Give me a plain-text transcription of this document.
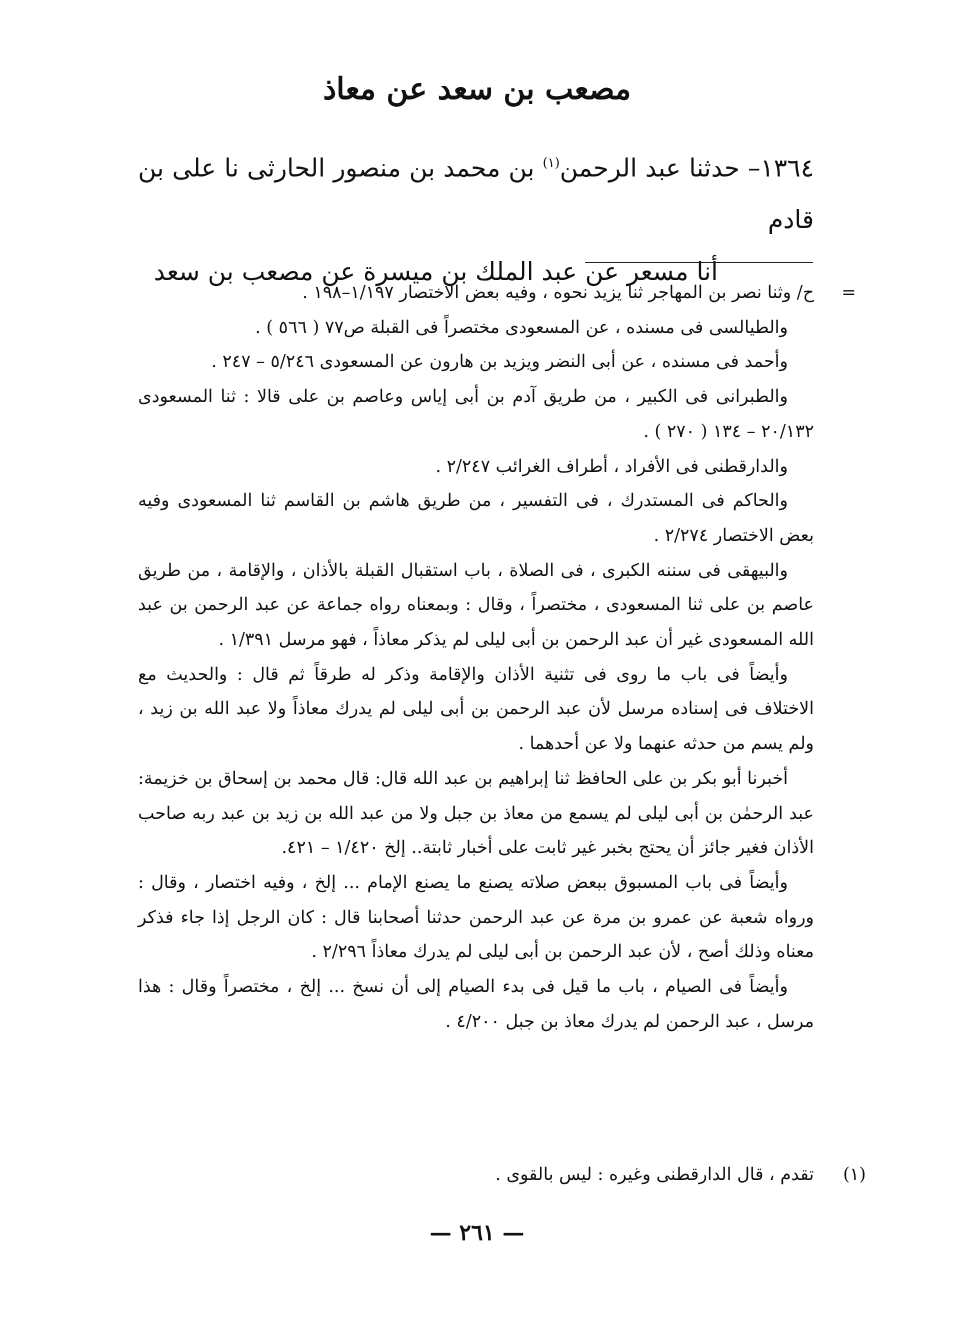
مصعب بن سعد عن معاذ

١٣٦٤– حدثنا عبد الرحمن$^{(١)}$ بن محمد بن منصور الحارثى نا على بن قادم

أنا مسعر عن عبد الملك بن ميسرة عن مصعب بن سعد

=
ح/ وثنا نصر بن المهاجر ثنا يزيد نحوه ، وفيه بعض الاختصار ١/١٩٧–١٩٨ .

والطيالسى فى مسنده ، عن المسعودى مختصراً فى القبلة ص٧٧ ( ٥٦٦ ) .

وأحمد فى مسنده ، عن أبى النضر ويزيد بن هارون عن المسعودى ٥/٢٤٦ – ٢٤٧ .

والطبرانى فى الكبير ، من طريق آدم بن أبى إياس وعاصم بن على قالا : ثنا المسعودى ٢٠/١٣٢ – ١٣٤ ( ٢٧٠ ) .

والدارقطنى فى الأفراد ، أطراف الغرائب ٢/٢٤٧ .

والحاكم فى المستدرك ، فى التفسير ، من طريق هاشم بن القاسم ثنا المسعودى وفيه بعض الاختصار ٢/٢٧٤ .

والبيهقى فى سننه الكبرى ، فى الصلاة ، باب استقبال القبلة بالأذان ، والإقامة ، من طريق عاصم بن على ثنا المسعودى ، مختصراً ، وقال : وبمعناه رواه جماعة عن عبد الرحمن بن عبد الله المسعودى غير أن عبد الرحمن بن أبى ليلى لم يذكر معاذاً ، فهو مرسل ١/٣٩١ .

وأيضاً فى باب ما روى فى تثنية الأذان والإقامة وذكر له طرقاً ثم قال : والحديث مع الاختلاف فى إسناده مرسل لأن عبد الرحمن بن أبى ليلى لم يدرك معاذاً ولا عبد الله بن زيد ، ولم يسم من حدثه عنهما ولا عن أحدهما .

أخبرنا أبو بكر بن على الحافظ ثنا إبراهيم بن عبد الله قال: قال محمد بن إسحاق بن خزيمة: عبد الرحمٰن بن أبى ليلى لم يسمع من معاذ بن جبل ولا من عبد الله بن زيد بن عبد ربه صاحب الأذان فغير جائز أن يحتج بخبر غير ثابت على أخبار ثابتة.. إلخ ١/٤٢٠ – ٤٢١.

وأيضاً فى باب المسبوق ببعض صلاته يصنع ما يصنع الإمام ... إلخ ، وفيه اختصار ، وقال : ورواه شعبة عن عمرو بن مرة عن عبد الرحمن حدثنا أصحابنا قال : كان الرجل إذا جاء فذكر معناه وذلك أصح ، لأن عبد الرحمن بن أبى ليلى لم يدرك معاذاً ٢/٢٩٦ .

وأيضاً فى الصيام ، باب ما قيل فى بدء الصيام إلى أن نسخ ... إلخ ، مختصراً وقال : هذا مرسل ، عبد الرحمن لم يدرك معاذ بن جبل ٤/٢٠٠ .

(١)
تقدم ، قال الدارقطنى وغيره : ليس بالقوى .
— ٢٦١ —
